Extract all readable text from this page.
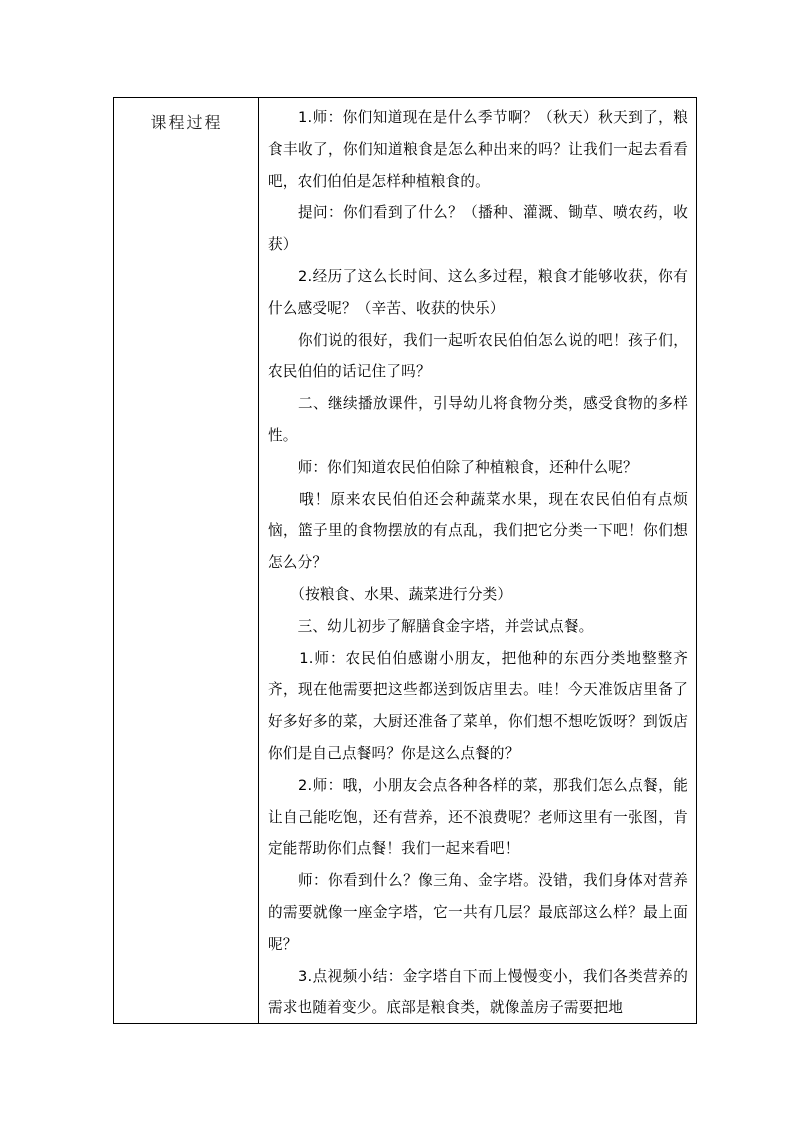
课程过程	　　1.师：你们知道现在是什么季节啊？（秋天）秋天到了，粮食丰收了，你们知道粮食是怎么种出来的吗？让我们一起去看看吧，农们伯伯是怎样种植粮食的。

　　提问：你们看到了什么？（播种、灌溉、锄草、喷农药，收获）

　　2.经历了这么长时间、这么多过程，粮食才能够收获，你有什么感受呢？（辛苦、收获的快乐）

　　你们说的很好，我们一起听农民伯伯怎么说的吧！孩子们，农民伯伯的话记住了吗？

　　二、继续播放课件，引导幼儿将食物分类，感受食物的多样性。

　　师：你们知道农民伯伯除了种植粮食，还种什么呢？

　　哦！原来农民伯伯还会种蔬菜水果，现在农民伯伯有点烦恼，篮子里的食物摆放的有点乱，我们把它分类一下吧！你们想怎么分？

　　（按粮食、水果、蔬菜进行分类）

　　三、幼儿初步了解膳食金字塔，并尝试点餐。

　　1.师：农民伯伯感谢小朋友，把他种的东西分类地整整齐齐，现在他需要把这些都送到饭店里去。哇！今天准饭店里备了好多好多的菜，大厨还准备了菜单，你们想不想吃饭呀？到饭店你们是自己点餐吗？你是这么点餐的？

　　2.师：哦，小朋友会点各种各样的菜，那我们怎么点餐，能让自己能吃饱，还有营养，还不浪费呢？老师这里有一张图，肯定能帮助你们点餐！我们一起来看吧！

　　师：你看到什么？像三角、金字塔。没错，我们身体对营养的需要就像一座金字塔，它一共有几层？最底部这么样？最上面呢？

　　3.点视频小结：金字塔自下而上慢慢变小，我们各类营养的需求也随着变少。底部是粮食类，就像盖房子需要把地
